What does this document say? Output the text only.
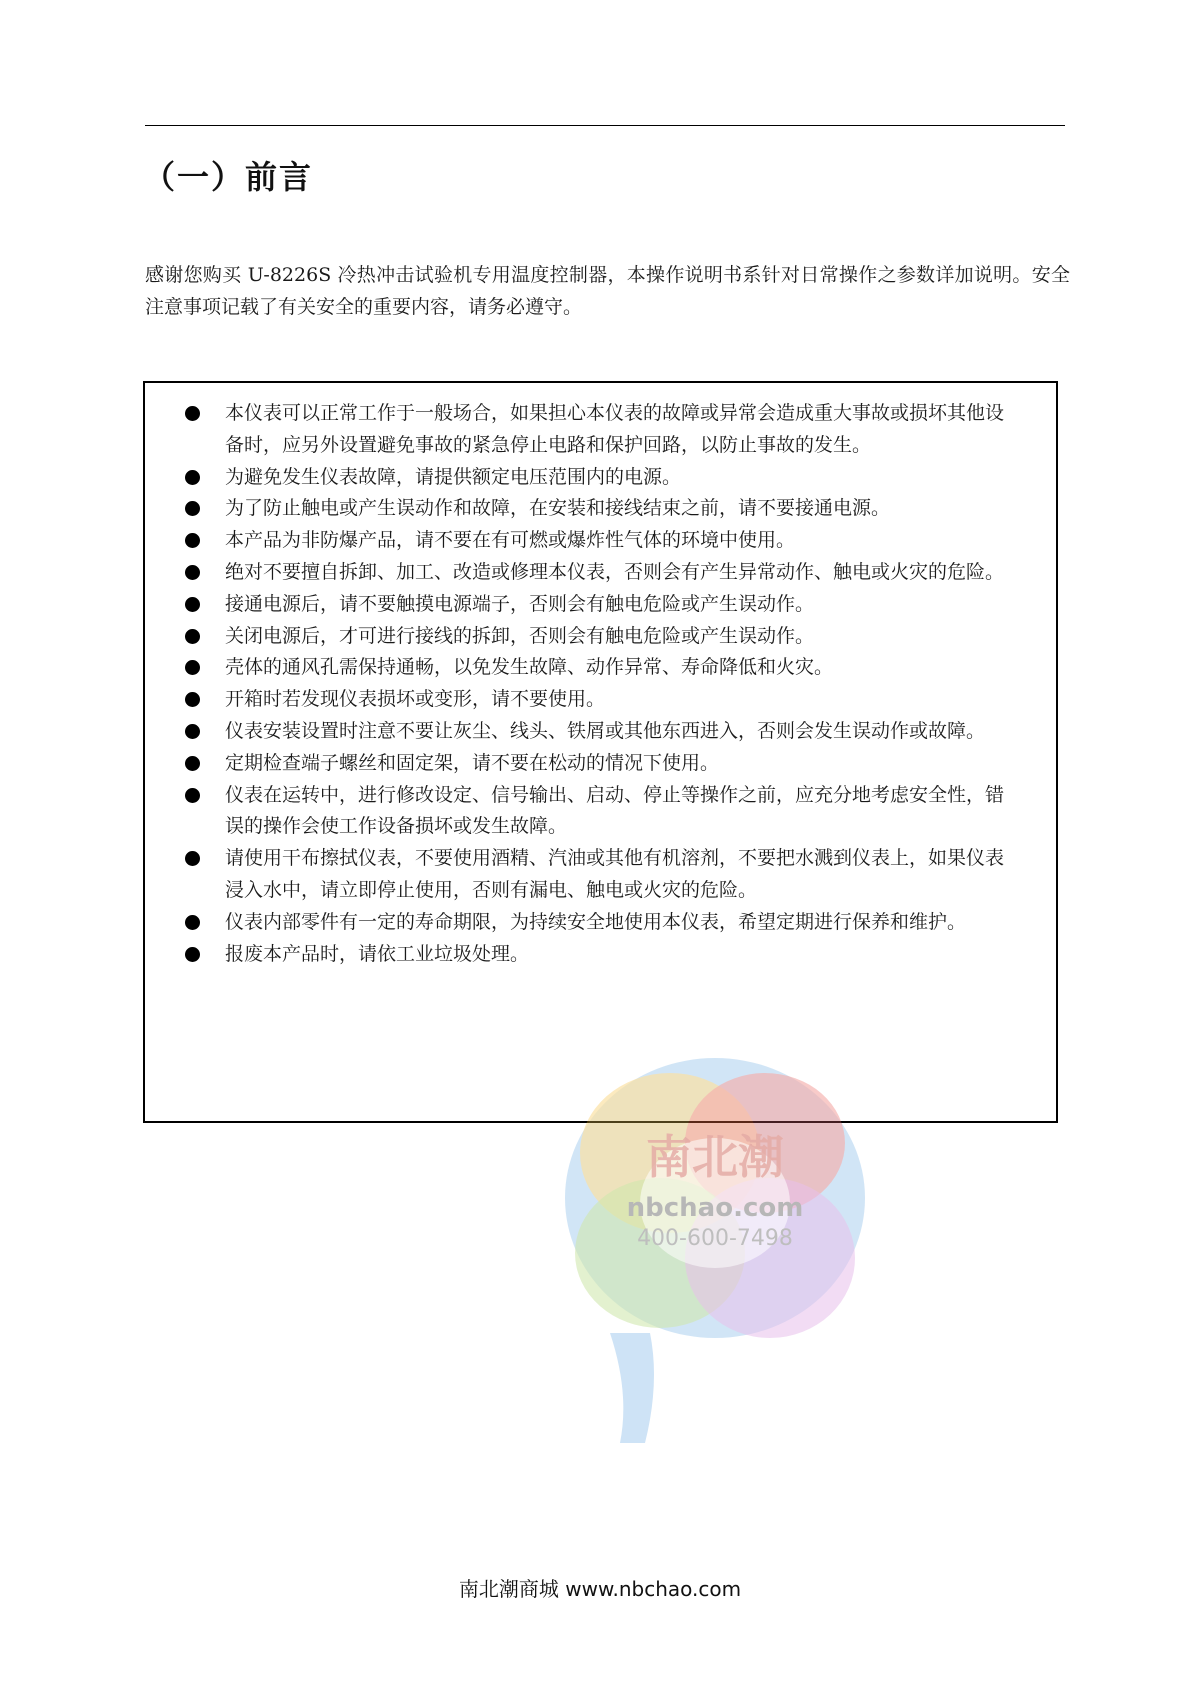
（一）前言

感谢您购买 U-8226S 冷热冲击试验机专用温度控制器，本操作说明书系针对日常操作之参数详加说明。安全注意事项记载了有关安全的重要内容，请务必遵守。

本仪表可以正常工作于一般场合，如果担心本仪表的故障或异常会造成重大事故或损坏其他设备时，应另外设置避免事故的紧急停止电路和保护回路，以防止事故的发生。
为避免发生仪表故障，请提供额定电压范围内的电源。
为了防止触电或产生误动作和故障，在安装和接线结束之前，请不要接通电源。
本产品为非防爆产品，请不要在有可燃或爆炸性气体的环境中使用。
绝对不要擅自拆卸、加工、改造或修理本仪表，否则会有产生异常动作、触电或火灾的危险。
接通电源后，请不要触摸电源端子，否则会有触电危险或产生误动作。
关闭电源后，才可进行接线的拆卸，否则会有触电危险或产生误动作。
壳体的通风孔需保持通畅，以免发生故障、动作异常、寿命降低和火灾。
开箱时若发现仪表损坏或变形，请不要使用。
仪表安装设置时注意不要让灰尘、线头、铁屑或其他东西进入，否则会发生误动作或故障。
定期检查端子螺丝和固定架，请不要在松动的情况下使用。
仪表在运转中，进行修改设定、信号输出、启动、停止等操作之前，应充分地考虑安全性，错误的操作会使工作设备损坏或发生故障。
请使用干布擦拭仪表，不要使用酒精、汽油或其他有机溶剂，不要把水溅到仪表上，如果仪表浸入水中，请立即停止使用，否则有漏电、触电或火灾的危险。
仪表内部零件有一定的寿命期限，为持续安全地使用本仪表，希望定期进行保养和维护。
报废本产品时，请依工业垃圾处理。
南北潮
nbchao.com
400-600-7498
南北潮商城 www.nbchao.com
